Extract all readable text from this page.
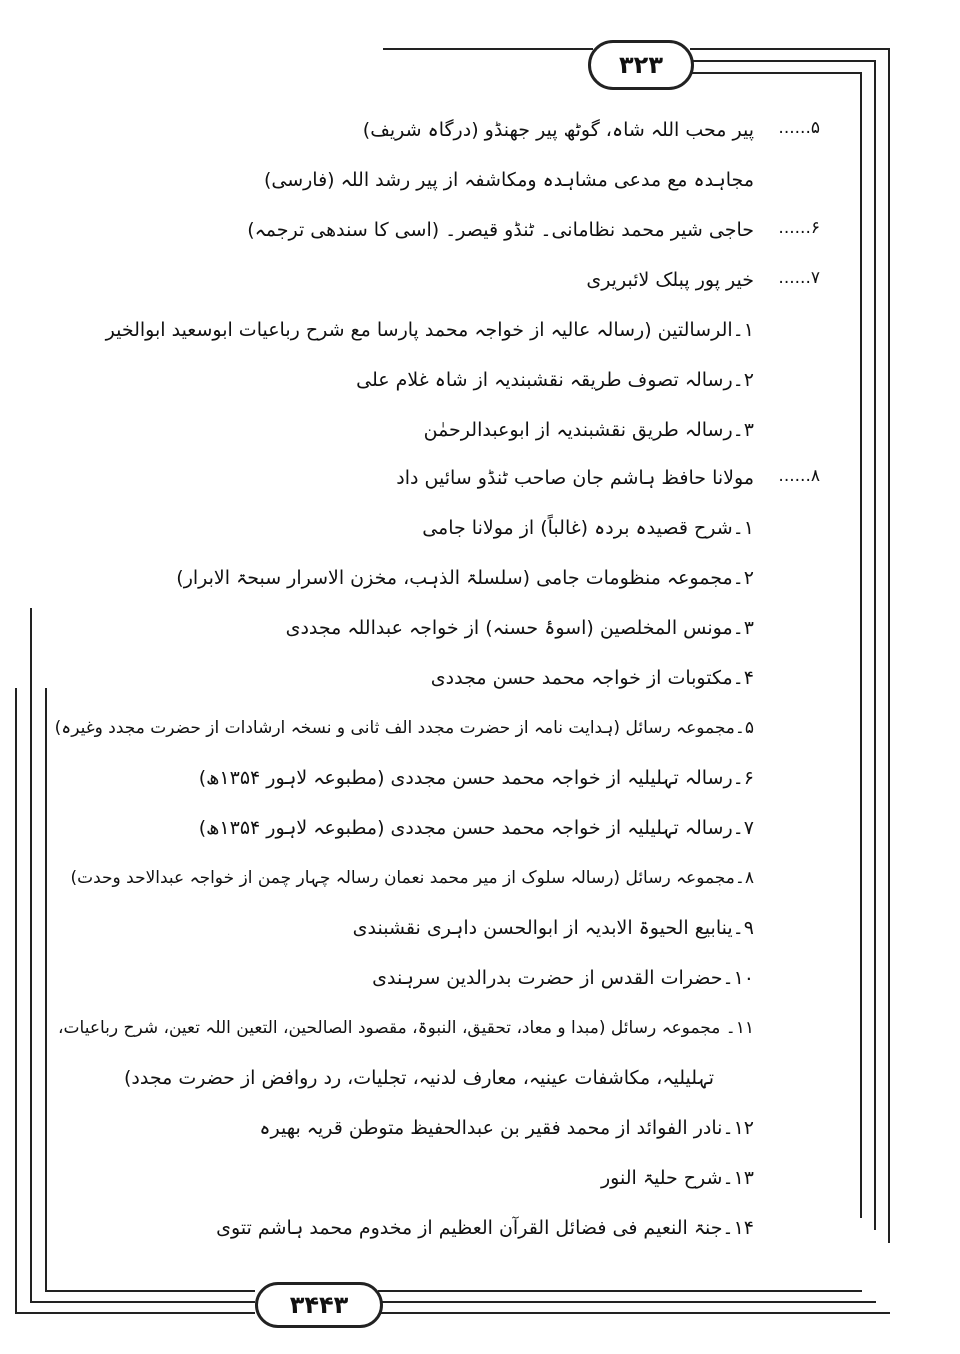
۳۲۳
۳۴۴۳
۵......
پیر محب اللہ شاہ، گوٹھ پیر جھنڈو (درگاہ شریف)
مجاہدہ مع مدعی مشاہدہ ومکاشفہ از پیر رشد اللہ (فارسی)
۶......
حاجی شیر محمد نظامانی۔ ٹنڈو قیصر۔ (اسی کا سندھی ترجمہ)
۷......
خیر پور پبلک لائبریری
۱۔الرسالتین (رسالہ عالیہ از خواجہ محمد پارسا مع شرح رباعیات ابوسعید ابوالخیر
۲۔رسالہ تصوف طریقہ نقشبندیہ از شاہ غلام علی
۳۔رسالہ طریق نقشبندیہ از ابوعبدالرحمٰن
۸......
مولانا حافظ ہاشم جان صاحب ٹنڈو سائیں داد
۱۔شرح قصیدہ بردہ (غالباً) از مولانا جامی
۲۔مجموعہ منظومات جامی (سلسلۃ الذہب، مخزن الاسرار سبحۃ الابرار)
۳۔مونس المخلصین (اسوۂ حسنہ) از خواجہ عبداللہ مجددی
۴۔مکتوبات از خواجہ محمد حسن مجددی
۵۔مجموعہ رسائل (ہدایت نامہ از حضرت مجدد الف ثانی و نسخہ ارشادات از حضرت مجدد وغیرہ)
۶۔رسالہ تہلیلیہ از خواجہ محمد حسن مجددی (مطبوعہ لاہور ۱۳۵۴ھ)
۷۔رسالہ تہلیلیہ از خواجہ محمد حسن مجددی (مطبوعہ لاہور ۱۳۵۴ھ)
۸۔مجموعہ رسائل (رسالہ سلوک از میر محمد نعمان رسالہ چہار چمن از خواجہ عبدالاحد وحدت)
۹۔ینابیع الحیوۃ الابدیہ از ابوالحسن داہری نقشبندی
۱۰۔حضرات القدس از حضرت بدرالدین سرہندی
۱۱۔ مجموعہ رسائل (مبدا و معاد، تحقیق، النبوۃ، مقصود الصالحین، التعین اللہ تعین، شرح رباعیات،
تہلیلیہ، مکاشفات عینیہ، معارف لدنیہ، تجلیات، رد روافض از حضرت مجدد)
۱۲۔نادر الفوائد از محمد فقیر بن عبدالحفیظ متوطن قریہ بھیرہ
۱۳۔شرح حلیۃ النور
۱۴۔جنۃ النعیم فی فضائل القرآن العظیم از مخدوم محمد ہاشم تتوی
